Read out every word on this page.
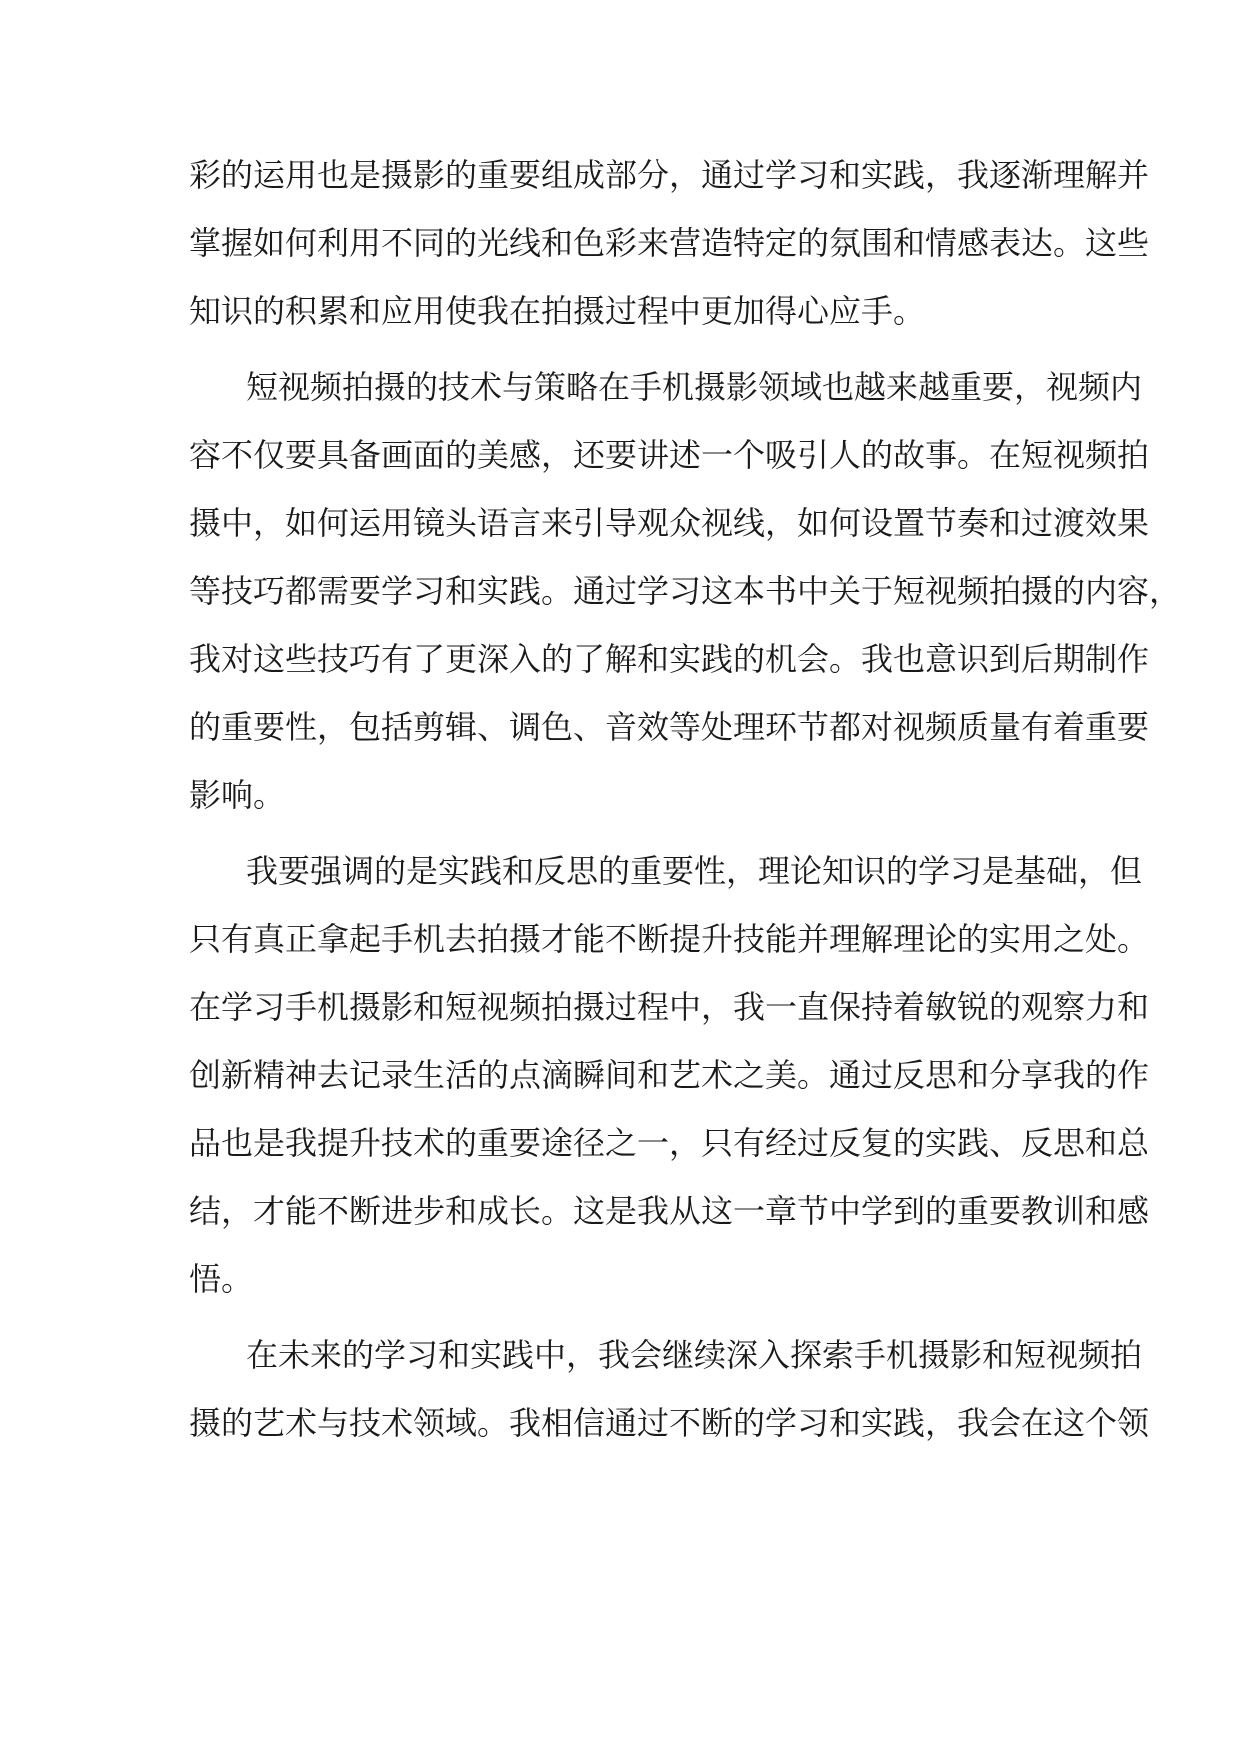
彩的运用也是摄影的重要组成部分，通过学习和实践，我逐渐理解并
掌握如何利用不同的光线和色彩来营造特定的氛围和情感表达。这些
知识的积累和应用使我在拍摄过程中更加得心应手。
短视频拍摄的技术与策略在手机摄影领域也越来越重要，视频内
容不仅要具备画面的美感，还要讲述一个吸引人的故事。在短视频拍
摄中，如何运用镜头语言来引导观众视线，如何设置节奏和过渡效果
等技巧都需要学习和实践。通过学习这本书中关于短视频拍摄的内容，
我对这些技巧有了更深入的了解和实践的机会。我也意识到后期制作
的重要性，包括剪辑、调色、音效等处理环节都对视频质量有着重要
影响。
我要强调的是实践和反思的重要性，理论知识的学习是基础，但
只有真正拿起手机去拍摄才能不断提升技能并理解理论的实用之处。
在学习手机摄影和短视频拍摄过程中，我一直保持着敏锐的观察力和
创新精神去记录生活的点滴瞬间和艺术之美。通过反思和分享我的作
品也是我提升技术的重要途径之一，只有经过反复的实践、反思和总
结，才能不断进步和成长。这是我从这一章节中学到的重要教训和感
悟。
在未来的学习和实践中，我会继续深入探索手机摄影和短视频拍
摄的艺术与技术领域。我相信通过不断的学习和实践，我会在这个领
